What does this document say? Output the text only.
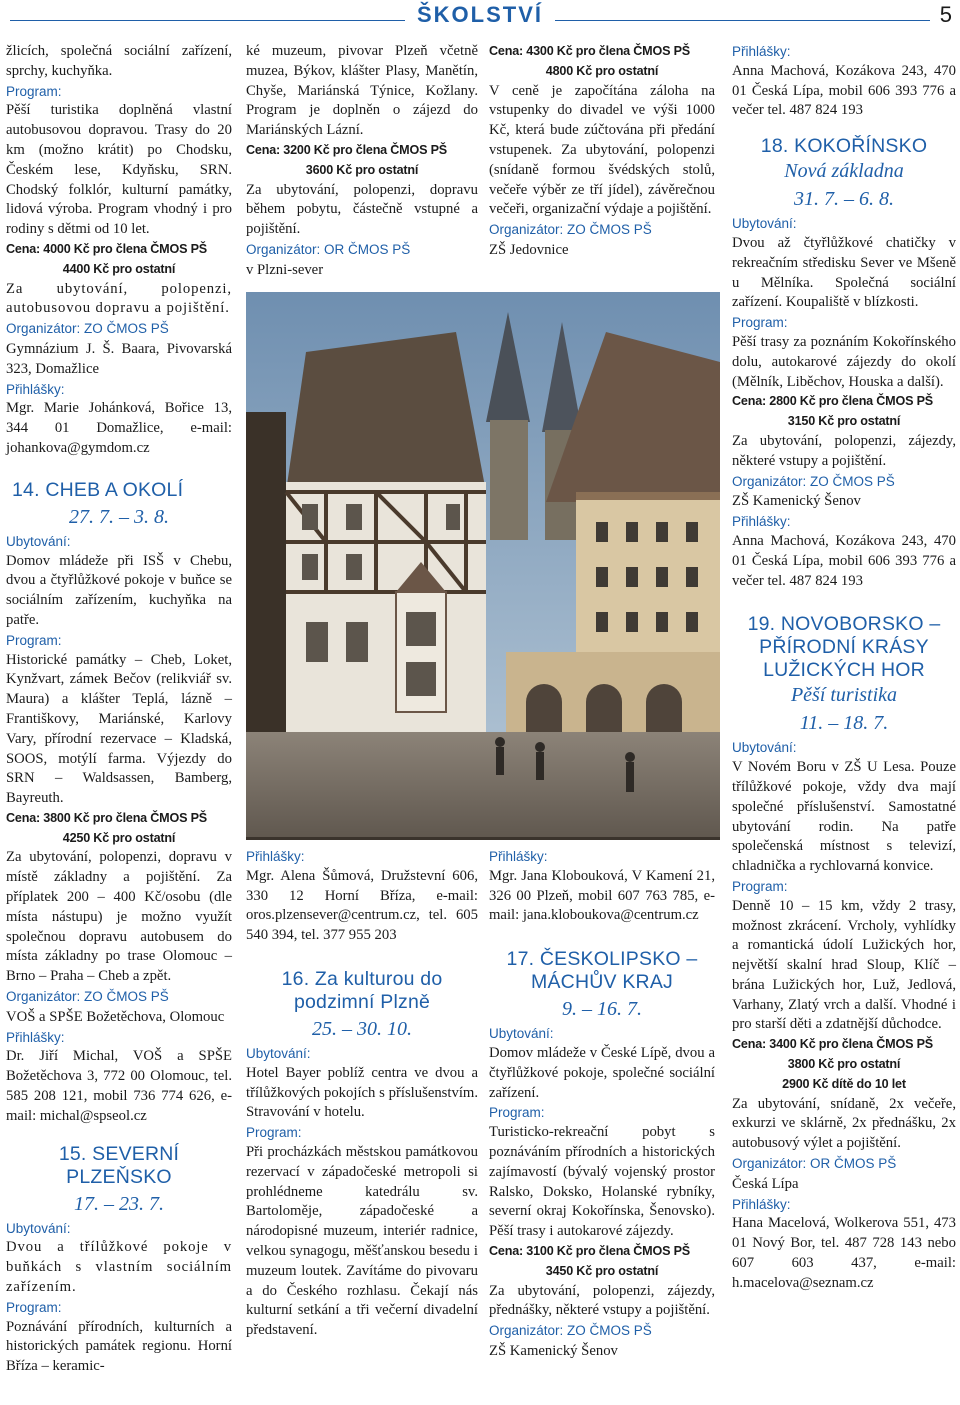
ŠKOLSTVÍ	5

žlicích, společná sociální zařízení, sprchy, kuchyňka.

Program:

Pěší turistika doplněná vlastní autobusovou dopravou. Trasy do 20 km (možno krátit) po Chodsku, Českém lese, Kdyňsku, SRN. Chodský folklór, kulturní památky, lidová výroba. Program vhodný i pro rodiny s dětmi od 10 let.

Cena: 4000 Kč pro člena ČMOS PŠ

4400 Kč pro ostatní

Za ubytování, polopenzi, autobusovou dopravu a pojištění.

Organizátor: ZO ČMOS PŠ

Gymnázium J. Š. Baara, Pivovarská 323, Domažlice

Přihlášky:

Mgr. Marie Johánková, Bořice 13, 344 01 Domažlice, e-mail: johankova@gymdom.cz

14. CHEB A OKOLÍ
27. 7. – 3. 8.

Ubytování:

Domov mládeže při ISŠ v Chebu, dvou a čtyřlůžkové pokoje v buňce se sociálním zařízením, kuchyňka na patře.

Program:

Historické památky – Cheb, Loket, Kynžvart, zámek Bečov (relikviář sv. Maura) a klášter Teplá, lázně – Františkovy, Mariánské, Karlovy Vary, přírodní rezervace – Kladská, SOOS, motýlí farma. Výjezdy do SRN – Waldsassen, Bamberg, Bayreuth.

Cena: 3800 Kč pro člena ČMOS PŠ

4250 Kč pro ostatní

Za ubytování, polopenzi, dopravu v místě základny a pojištění. Za příplatek 200 – 400 Kč/osobu (dle místa nástupu) je možno využít společnou dopravu autobusem do místa základny po trase Olomouc – Brno – Praha – Cheb a zpět.

Organizátor: ZO ČMOS PŠ

VOŠ a SPŠE Božetěchova, Olomouc

Přihlášky:

Dr. Jiří Michal, VOŠ a SPŠE Božetěchova 3, 772 00 Olomouc, tel. 585 208 121, mobil 736 774 626, e-mail: michal@spseol.cz

15. SEVERNÍ PLZEŇSKO
17. – 23. 7.

Ubytování:

Dvou a třílůžkové pokoje v buňkách s vlastním sociálním zařízením.

Program:

Poznávání přírodních, kulturních a historických památek regionu. Horní Bříza – keramic-

ké muzeum, pivovar Plzeň včetně muzea, Býkov, klášter Plasy, Manětín, Chyše, Mariánská Týnice, Kožlany. Program je doplněn o zájezd do Mariánských Lázní.

Cena: 3200 Kč pro člena ČMOS PŠ

3600 Kč pro ostatní

Za ubytování, polopenzi, dopravu během pobytu, částečně vstupné a pojištění.

Organizátor: OR ČMOS PŠ

v Plzni-sever

Přihlášky:

Mgr. Alena Šůmová, Družstevní 606, 330 12 Horní Bříza, e-mail: oros.plzensever@centrum.cz, tel. 605 540 394, tel. 377 955 203

16. Za kulturou do podzimní Plzně
25. – 30. 10.

Ubytování:

Hotel Bayer poblíž centra ve dvou a třílůžkových pokojích s příslušenstvím. Stravování v hotelu.

Program:

Při procházkách městskou památkovou rezervací v západočeské metropoli si prohlédneme katedrálu sv. Bartoloměje, západočeské a národopisné muzeum, interiér radnice, velkou synagogu, měšťanskou besedu i muzeum loutek. Zavítáme do pivovaru a do Českého rozhlasu. Čekají nás kulturní setkání a tři večerní divadelní představení.

Cena: 4300 Kč pro člena ČMOS PŠ

4800 Kč pro ostatní

V ceně je započítána záloha na vstupenky do divadel ve výši 1000 Kč, která bude zúčtována při předání vstupenek. Za ubytování, polopenzi (snídaně formou švédských stolů, večeře výběr ze tří jídel), závěrečnou večeři, organizační výdaje a pojištění.

Organizátor: ZO ČMOS PŠ

ZŠ Jedovnice

Přihlášky:

Mgr. Jana Klobouková, V Kamení 21, 326 00 Plzeň, mobil 607 763 785, e-mail: jana.kloboukova@centrum.cz

17. ČESKOLIPSKO – MÁCHŮV KRAJ
9. – 16. 7.

Ubytování:

Domov mládeže v České Lípě, dvou a čtyřlůžkové pokoje, společné sociální zařízení.

Program:

Turisticko-rekreační pobyt s poznáváním přírodních a historických zajímavostí (bývalý vojenský prostor Ralsko, Doksko, Holanské rybníky, severní okraj Kokořínska, Šenovsko). Pěší trasy i autokarové zájezdy.

Cena: 3100 Kč pro člena ČMOS PŠ

3450 Kč pro ostatní

Za ubytování, polopenzi, zájezdy, přednášky, některé vstupy a pojištění.

Organizátor: ZO ČMOS PŠ

ZŠ Kamenický Šenov

Přihlášky:

Anna Machová, Kozákova 243, 470 01 Česká Lípa, mobil 606 393 776 a večer tel. 487 824 193

18. KOKOŘÍNSKO
Nová základna
31. 7. – 6. 8.

Ubytování:

Dvou až čtyřlůžkové chatičky v rekreačním středisku Sever ve Mšeně u Mělníka. Společná sociální zařízení. Koupaliště v blízkosti.

Program:

Pěší trasy za poznáním Kokořínského dolu, autokarové zájezdy do okolí (Mělník, Liběchov, Houska a další).

Cena: 2800 Kč pro člena ČMOS PŠ

3150 Kč pro ostatní

Za ubytování, polopenzi, zájezdy, některé vstupy a pojištění.

Organizátor: ZO ČMOS PŠ

ZŠ Kamenický Šenov

Přihlášky:

Anna Machová, Kozákova 243, 470 01 Česká Lípa, mobil 606 393 776 a večer tel. 487 824 193

19. NOVOBORSKO – PŘÍRODNÍ KRÁSY LUŽICKÝCH HOR
Pěší turistika
11. – 18. 7.

Ubytování:

V Novém Boru v ZŠ U Lesa. Pouze třílůžkové pokoje, vždy dva mají společné příslušenství. Samostatné ubytování rodin. Na patře společenská místnost s televizí, chladnička a rychlovarná konvice.

Program:

Denně 10 – 15 km, vždy 2 trasy, možnost zkrácení. Vrcholy, vyhlídky a romantická údolí Lužických hor, největší skalní hrad Sloup, Klíč – brána Lužických hor, Luž, Jedlová, Varhany, Zlatý vrch a další. Vhodné i pro starší děti a zdatnější důchodce.

Cena: 3400 Kč pro člena ČMOS PŠ

3800 Kč pro ostatní

2900 Kč dítě do 10 let

Za ubytování, snídaně, 2x večeře, exkurzi ve sklárně, 2x přednášku, 2x autobusový výlet a pojištění.

Organizátor: OR ČMOS PŠ

Česká Lípa

Přihlášky:

Hana Macelová, Wolkerova 551, 473 01 Nový Bor, tel. 487 728 143 nebo 607 603 437, e-mail: h.macelova@seznam.cz
